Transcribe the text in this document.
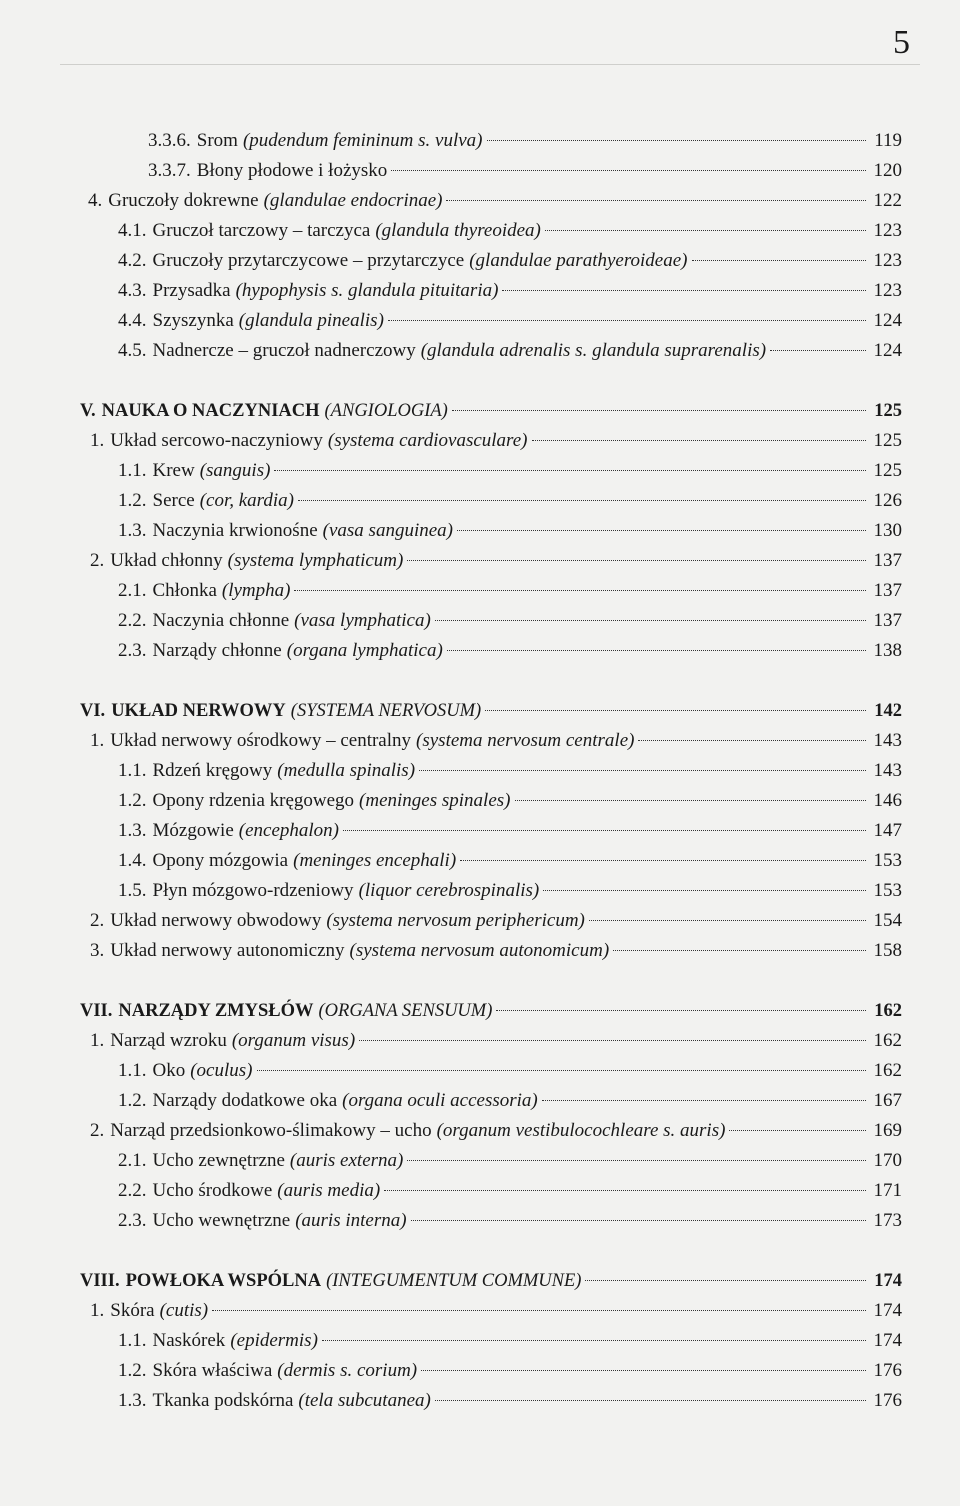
5
3.3.6. Srom (pudendum femininum s. vulva)	119
3.3.7. Błony płodowe i łożysko	120
4. Gruczoły dokrewne (glandulae endocrinae)	122
4.1. Gruczoł tarczowy – tarczyca (glandula thyreoidea)	123
4.2. Gruczoły przytarczycowe – przytarczyce (glandulae parathyeroideae)	123
4.3. Przysadka (hypophysis s. glandula pituitaria)	123
4.4. Szyszynka (glandula pinealis)	124
4.5. Nadnercze – gruczoł nadnerczowy (glandula adrenalis s. glandula suprarenalis)	124
V. NAUKA O NACZYNIACH (ANGIOLOGIA)	125
1. Układ sercowo-naczyniowy (systema cardiovasculare)	125
1.1. Krew (sanguis)	125
1.2. Serce (cor, kardia)	126
1.3. Naczynia krwionośne (vasa sanguinea)	130
2. Układ chłonny (systema lymphaticum)	137
2.1. Chłonka (lympha)	137
2.2. Naczynia chłonne (vasa lymphatica)	137
2.3. Narządy chłonne (organa lymphatica)	138
VI. UKŁAD NERWOWY (SYSTEMA NERVOSUM)	142
1. Układ nerwowy ośrodkowy – centralny (systema nervosum centrale)	143
1.1. Rdzeń kręgowy (medulla spinalis)	143
1.2. Opony rdzenia kręgowego (meninges spinales)	146
1.3. Mózgowie (encephalon)	147
1.4. Opony mózgowia (meninges encephali)	153
1.5. Płyn mózgowo-rdzeniowy (liquor cerebrospinalis)	153
2. Układ nerwowy obwodowy (systema nervosum periphericum)	154
3. Układ nerwowy autonomiczny (systema nervosum autonomicum)	158
VII. NARZĄDY ZMYSŁÓW (ORGANA SENSUUM)	162
1. Narząd wzroku (organum visus)	162
1.1. Oko (oculus)	162
1.2. Narządy dodatkowe oka (organa oculi accessoria)	167
2. Narząd przedsionkowo-ślimakowy – ucho (organum vestibulocochleare s. auris)	169
2.1. Ucho zewnętrzne (auris externa)	170
2.2. Ucho środkowe (auris media)	171
2.3. Ucho wewnętrzne (auris interna)	173
VIII. POWŁOKA WSPÓLNA (INTEGUMENTUM COMMUNE)	174
1. Skóra (cutis)	174
1.1. Naskórek (epidermis)	174
1.2. Skóra właściwa (dermis s. corium)	176
1.3. Tkanka podskórna (tela subcutanea)	176
